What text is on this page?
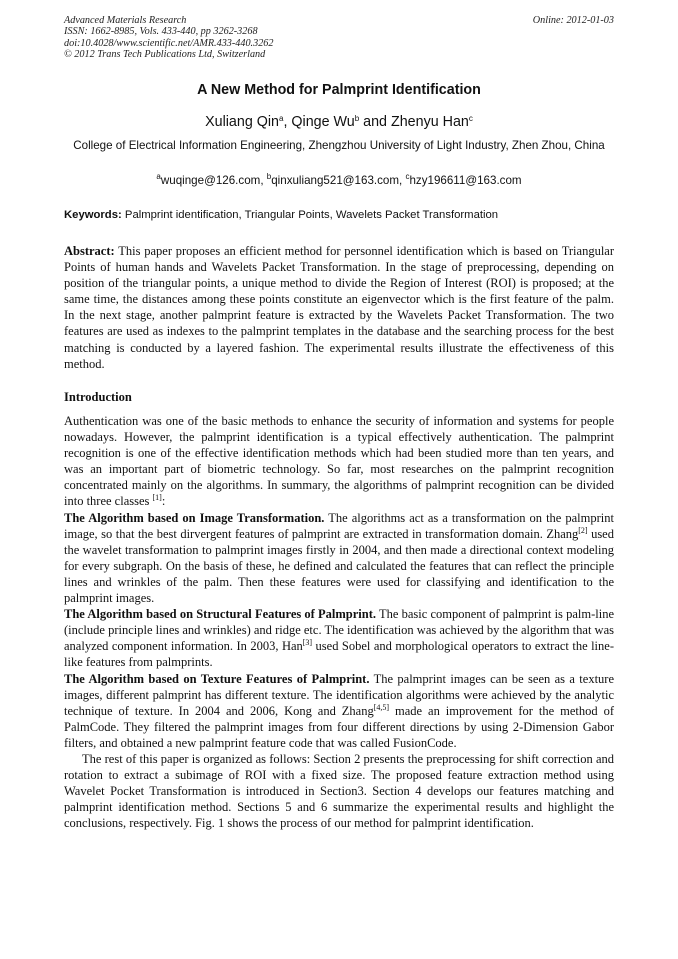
Advanced Materials Research
ISSN: 1662-8985, Vols. 433-440, pp 3262-3268
doi:10.4028/www.scientific.net/AMR.433-440.3262
© 2012 Trans Tech Publications Ltd, Switzerland
Online: 2012-01-03
A New Method for Palmprint Identification
Xuliang Qin$^a$, Qinge Wu$^b$ and Zhenyu Han$^c$
College of Electrical Information Engineering, Zhengzhou University of Light Industry, Zhen Zhou, China
$^a$wuqinge@126.com, $^b$qinxuliang521@163.com, $^c$hzy196611@163.com
Keywords: Palmprint identification, Triangular Points, Wavelets Packet Transformation

Abstract: This paper proposes an efficient method for personnel identification which is based on Triangular Points of human hands and Wavelets Packet Transformation. In the stage of preprocessing, depending on position of the triangular points, a unique method to divide the Region of Interest (ROI) is proposed; at the same time, the distances among these points constitute an eigenvector which is the first feature of the palm. In the next stage, another palmprint feature is extracted by the Wavelets Packet Transformation. The two features are used as indexes to the palmprint templates in the database and the searching process for the best matching is conducted by a layered fashion. The experimental results illustrate the effectiveness of this method.

Introduction

Authentication was one of the basic methods to enhance the security of information and systems for people nowadays. However, the palmprint identification is a typical effectively authentication. The palmprint recognition is one of the effective identification methods which had been studied more than ten years, and was an important part of biometric technology. So far, most researches on the palmprint recognition concentrated mainly on the algorithms. In summary, the algorithms of palmprint recognition can be divided into three classes [1]:

The Algorithm based on Image Transformation. The algorithms act as a transformation on the palmprint image, so that the best dirvergent features of palmprint are extracted in transformation domain. Zhang[2] used the wavelet transformation to palmprint images firstly in 2004, and then made a directional context modeling for every subgraph. On the basis of these, he defined and calculated the features that can reflect the principle lines and wrinkles of the palm. Then these features were used for classifying and identification to the palmprint images.

The Algorithm based on Structural Features of Palmprint. The basic component of palmprint is palm-line (include principle lines and wrinkles) and ridge etc. The identification was achieved by the algorithm that was analyzed component information. In 2003, Han[3] used Sobel and morphological operators to extract the line-like features from palmprints.

The Algorithm based on Texture Features of Palmprint. The palmprint images can be seen as a texture images, different palmprint has different texture. The identification algorithms were achieved by the analytic technique of texture. In 2004 and 2006, Kong and Zhang[4,5] made an improvement for the method of PalmCode. They filtered the palmprint images from four different directions by using 2-Dimension Gabor filters, and obtained a new palmprint feature code that was called FusionCode.

The rest of this paper is organized as follows: Section 2 presents the preprocessing for shift correction and rotation to extract a subimage of ROI with a fixed size. The proposed feature extraction method using Wavelet Pocket Transformation is introduced in Section3. Section 4 develops our features matching and palmprint identification method. Sections 5 and 6 summarize the experimental results and highlight the conclusions, respectively. Fig. 1 shows the process of our method for palmprint identification.
